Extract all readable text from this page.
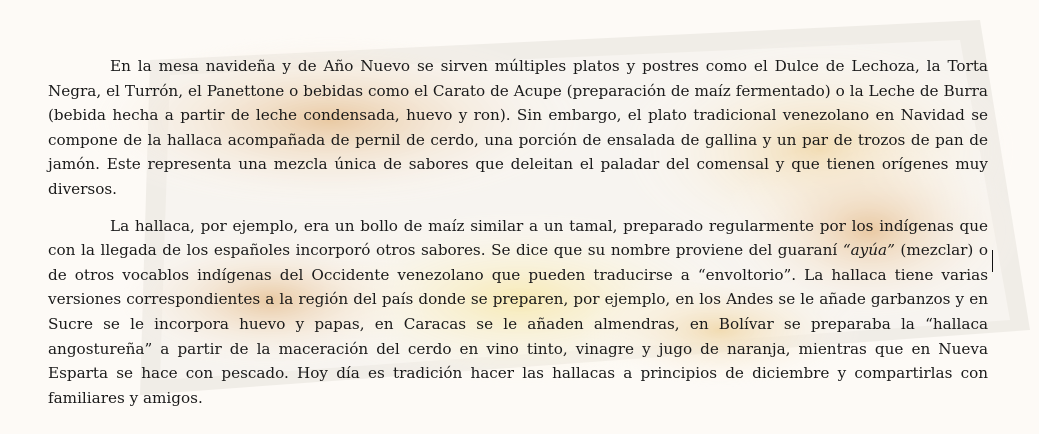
En la mesa navideña y de Año Nuevo se sirven múltiples platos y postres como el Dulce de Lechoza, la Torta Negra, el Turrón, el Panettone o bebidas como el Carato de Acupe (preparación de maíz fermentado) o la Leche de Burra (bebida hecha a partir de leche condensada, huevo y ron). Sin embargo, el plato tradicional venezolano en Navidad se compone de la hallaca acompañada de pernil de cerdo, una porción de ensalada de gallina y un par de trozos de pan de jamón. Este representa una mezcla única de sabores que deleitan el paladar del comensal y que tienen orígenes muy diversos.

La hallaca, por ejemplo, era un bollo de maíz similar a un tamal, preparado regularmente por los indígenas que con la llegada de los españoles incorporó otros sabores. Se dice que su nombre proviene del guaraní “ayúa” (mezclar) o de otros vocablos indígenas del Occidente venezolano que pueden traducirse a “envoltorio”. La hallaca tiene varias versiones correspondientes a la región del país donde se preparen, por ejemplo, en los Andes se le añade garbanzos y en Sucre se le incorpora huevo y papas, en Caracas se le añaden almendras, en Bolívar se preparaba la “hallaca angostureña” a partir de la maceración del cerdo en vino tinto, vinagre y jugo de naranja, mientras que en Nueva Esparta se hace con pescado. Hoy día es tradición hacer las hallacas a principios de diciembre y compartirlas con familiares y amigos.
